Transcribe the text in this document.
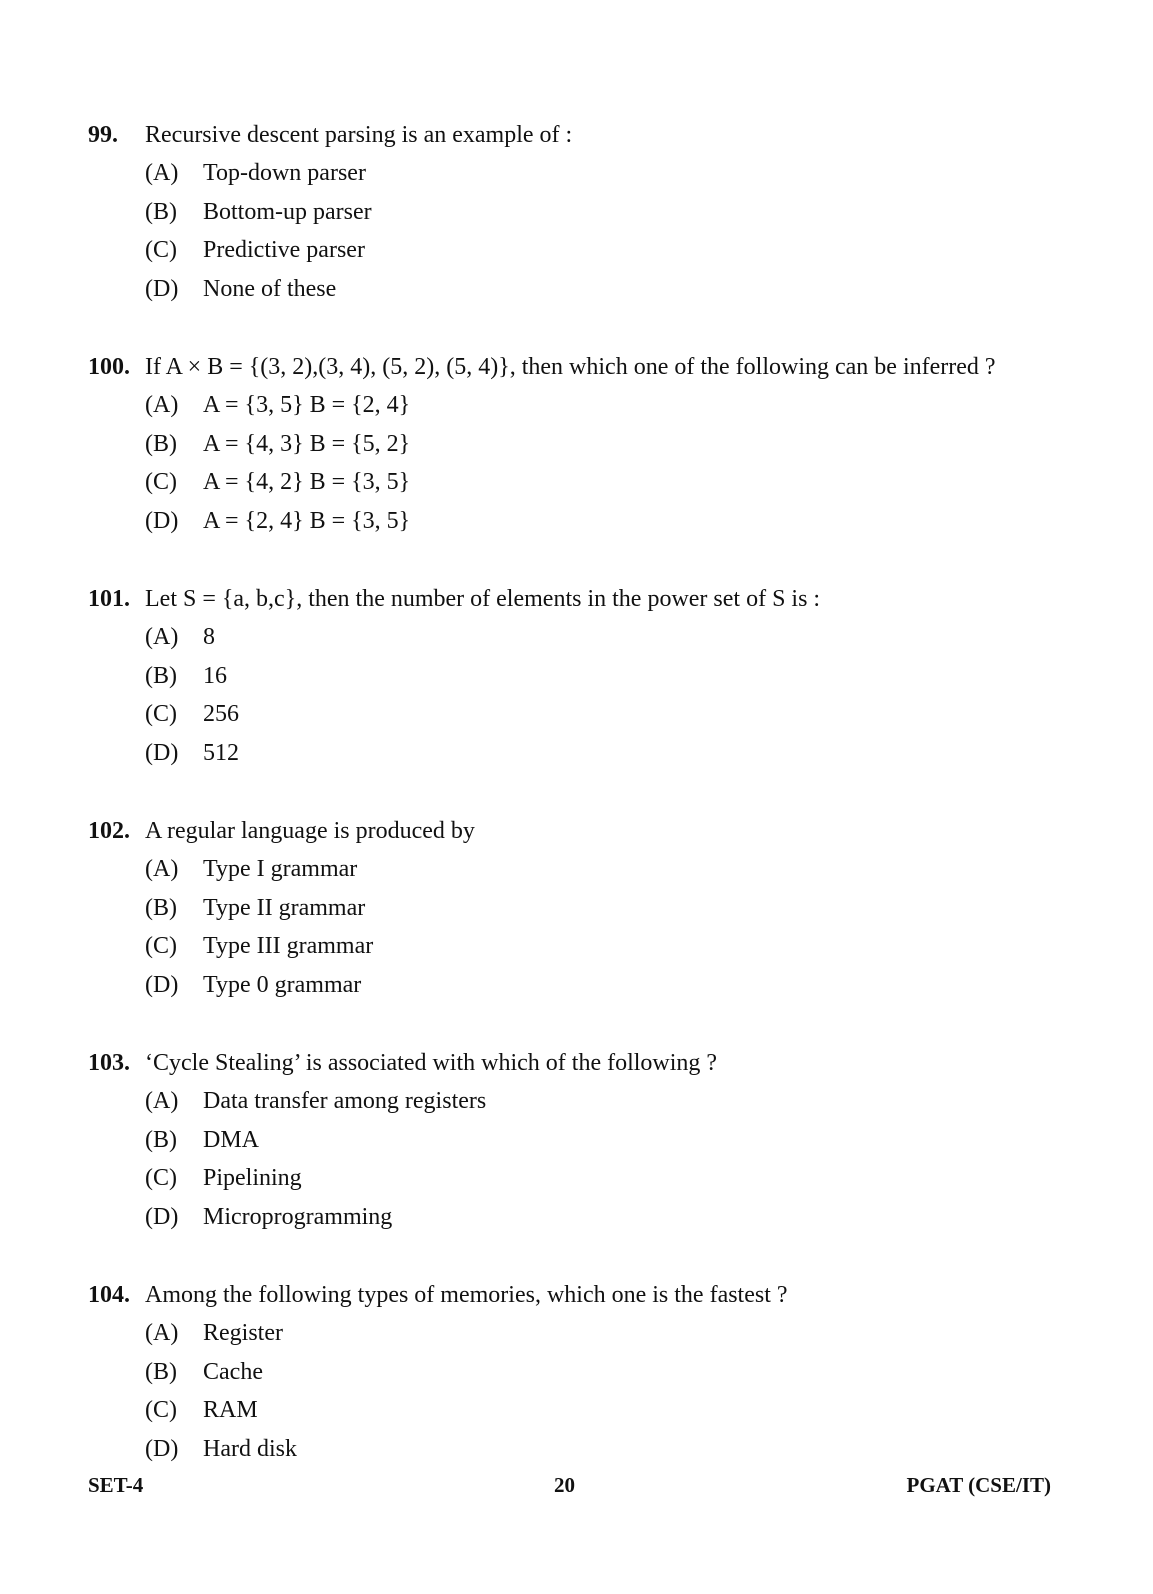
99. Recursive descent parsing is an example of :
(A) Top-down parser
(B) Bottom-up parser
(C) Predictive parser
(D) None of these
100. If A × B = {(3, 2),(3, 4), (5, 2), (5, 4)}, then which one of the following can be inferred ?
(A) A = {3, 5} B = {2, 4}
(B) A = {4, 3} B = {5, 2}
(C) A = {4, 2} B = {3, 5}
(D) A = {2, 4} B = {3, 5}
101. Let S = {a, b,c}, then the number of elements in the power set of S is :
(A) 8
(B) 16
(C) 256
(D) 512
102. A regular language is produced by
(A) Type I grammar
(B) Type II grammar
(C) Type III grammar
(D) Type 0 grammar
103. ‘Cycle Stealing’ is associated with which of the following ?
(A) Data transfer among registers
(B) DMA
(C) Pipelining
(D) Microprogramming
104. Among the following types of memories, which one is the fastest ?
(A) Register
(B) Cache
(C) RAM
(D) Hard disk
SET-4	20	PGAT (CSE/IT)
